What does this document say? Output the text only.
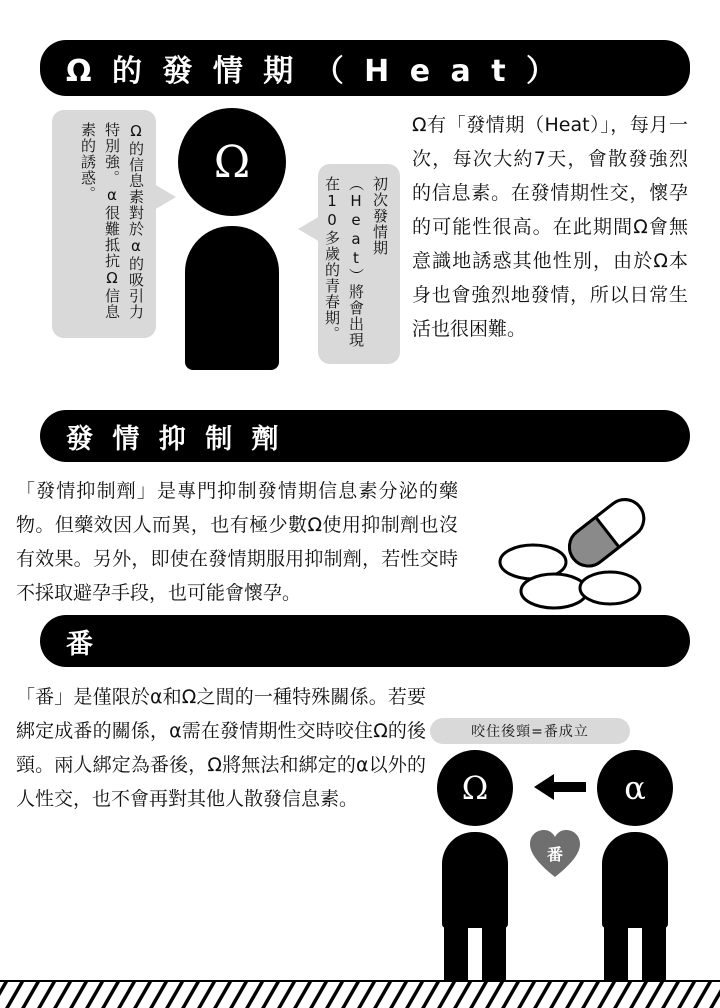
Ω 的 發 情 期 （ H e a t ）
Ω的信息素對於α的吸引力特別強。α很難抵抗Ω信息素的誘惑。	Ω
初次發情期（Heat）將會出現在10多歲的青春期。
Ω有「發情期（Heat）」，每月一次，每次大約7天，會散發強烈的信息素。在發情期性交，懷孕的可能性很高。在此期間Ω會無意識地誘惑其他性別，由於Ω本身也會強烈地發情，所以日常生活也很困難。
發 情 抑 制 劑
「發情抑制劑」是專門抑制發情期信息素分泌的藥物。但藥效因人而異，也有極少數Ω使用抑制劑也沒有效果。另外，即使在發情期服用抑制劑，若性交時不採取避孕手段，也可能會懷孕。
番
「番」是僅限於α和Ω之間的一種特殊關係。若要綁定成番的關係，α需在發情期性交時咬住Ω的後頸。兩人綁定為番後，Ω將無法和綁定的α以外的人性交，也不會再對其他人散發信息素。
咬住後頸=番成立
Ω	α
番
